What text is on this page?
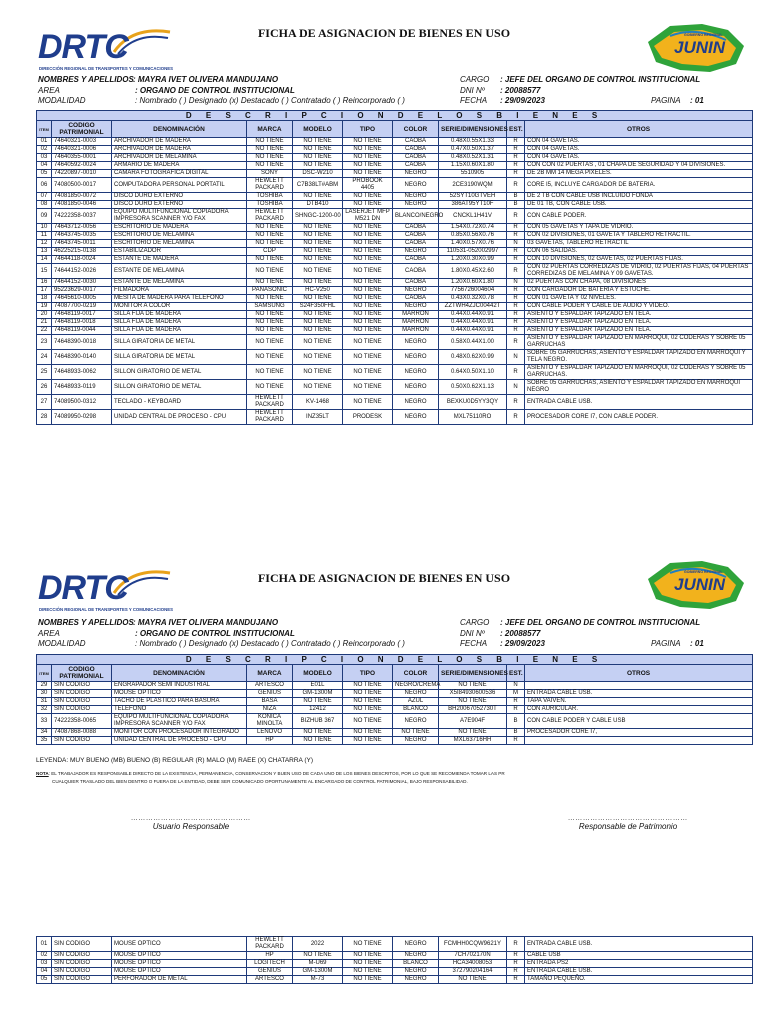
DRTC
DIRECCIÓN REGIONAL DE TRANSPORTES Y COMUNICACIONES
FICHA DE ASIGNACION DE BIENES EN USO	GOBIERNO REGIONAL
JUNIN
NOMBRES Y APELLIDOS : MAYRA IVET OLIVERA MANDUJANO
AREA	: ORGANO DE CONTROL INSTITUCIONAL
MODALIDAD	: Nombrado ( ) Designado (x) Destacado ( ) Contratado ( ) Reincorporado ( )
CARGO : JEFE DEL ORGANO DE CONTROL INSTITUCIONAL
DNI Nº : 20088577
FECHA : 29/09/2023	PAGINA : 01
D E S C R I P C I O N D E L O S B I E N E S									
ITEM	CODIGO PATRIMONIAL	DENOMINACIÓN	MARCA	MODELO	TIPO	COLOR	SERIE/DIMENSIONES	EST.	OTROS
01	74640321-0003	ARCHIVADOR DE MADERA	NO TIENE	NO TIENE	NO TIENE	CAOBA	0.48X0.55X1.33	R	CON 04 GAVETAS.
02	74640321-0006	ARCHIVADOR DE MADERA	NO TIENE	NO TIENE	NO TIENE	CAOBA	0.47X0.50X1.37	R	CON 04 GAVETAS.
03	74640355-0001	ARCHIVADOR DE MELAMINA	NO TIENE	NO TIENE	NO TIENE	CAOBA	0.48X0.52X1.31	R	CON 04 GAVETAS.
04	74640592-0024	ARMARIO DE MADERA	NO TIENE	NO TIENE	NO TIENE	CAOBA	1.15X0.60X1.80	R	CON CON 02 PUERTAS , 01 CHAPA DE SEGURIDAD Y 04 DIVISIONES.
05	74220897-0010	CAMARA FOTOGRAFICA DIGITAL	SONY	DSC-W210	NO TIENE	NEGRO	5510905	R	DE 2B MM 14 MEGA PIXELES.
06	74080500-0017	COMPUTADORA PERSONAL PORTATIL	HEWLETT PACKARD	C7B38LT#ABM	PROBOOK 4405	NEGRO	2CE3190WQM	R	CORE I5, INCLUYE CARGADOR DE BATERIA.
07	74081850-0072	DISCO DURO EXTERNO	TOSHIBA	NO TIENE	NO TIENE	NEGRO	52SYT10GTVEH	B	DE 2 TB CON CABLE USB INCLUIDO FONDA
08	74081850-0046	DISCO DURO EXTERNO	TOSHIBA	DTB410	NO TIENE	NEGRO	386AT95YT10F	B	DE 01 TB, CON CABLE USB.
09	74222358-0037	EQUIPO MULTIFUNCIONAL COPIADORA IMPRESORA SCANNER Y/O FAX	HEWLETT PACKARD	SHNGC-1200-00	LASERJET MFP M521 DN	BLANCO/NEGRO	CNCKL1H41V	R	CON CABLE PODER.
10	74643712-0056	ESCRITORIO DE MADERA	NO TIENE	NO TIENE	NO TIENE	CAOBA	1.54X0.72X0.74	R	CON 05 GAVETAS Y TAPA DE VIDRIO.
11	74643745-0035	ESCRITORIO DE MELAMINA	NO TIENE	NO TIENE	NO TIENE	CAOBA	0.85X0.56X0.76	R	CON 02 DIVISIONES, 01 GAVETA Y TABLERO RETRACTIL.
12	74643745-0011	ESCRITORIO DE MELAMINA	NO TIENE	NO TIENE	NO TIENE	CAOBA	1.40X0.57X0.76	N	03 GAVETAS, TABLERO RETRACTIL
13	46225215-0138	ESTABILIZADOR	CDP	NO TIENE	NO TIENE	NEGRO	110531-052002997	R	CON 06 SALIDAS.
14	74644118-0024	ESTANTE DE MADERA	NO TIENE	NO TIENE	NO TIENE	CAOBA	1.20X0.30X0.99	R	CON 10 DIVISIONES, 02 GAVETAS, 02 PUERTAS FIJAS.
15	74644152-0026	ESTANTE DE MELAMINA	NO TIENE	NO TIENE	NO TIENE	CAOBA	1.80X0.45X2.60	R	CON 02 PUERTAS CORREDIZAS DE VIDRIO, 02 PUERTAS FIJAS, 04 PUERTAS CORREDIZAS DE MELAMINA Y 09 GAVETAS.
16	74644152-0030	ESTANTE DE MELAMINA	NO TIENE	NO TIENE	NO TIENE	CAOBA	1.20X0.60X1.80	N	02 PUERTAS CON CHAPA, 08 DIVISIONES
17	95223629-0017	FILMADORA	PANASONIC	HC-V250	NO TIENE	NEGRO	7756726004604	R	CON CARGADOR DE BATERIA Y ESTUCHE.
18	74645610-0005	MESITA DE MADERA PARA TELEFONO	NO TIENE	NO TIENE	NO TIENE	CAOBA	0.43X0.32X0.78	R	CON 01 GAVETA Y 02 NIVELES.
19	74087700-0219	MONITOR A COLOR	SAMSUNG	S24F350FHL	NO TIENE	NEGRO	ZZTWH4ZJC00442T	R	CON CABLE PODER Y CABLE DE AUDIO Y VIDEO.
20	74648119-0017	SILLA FIJA DE MADERA	NO TIENE	NO TIENE	NO TIENE	MARRON	0.44X0.44X0.91	R	ASIENTO Y ESPALDAR TAPIZADO EN TELA.
21	74648119-0018	SILLA FIJA DE MADERA	NO TIENE	NO TIENE	NO TIENE	MARRON	0.44X0.44X0.91	R	ASIENTO Y ESPALDAR TAPIZADO EN TELA.
22	74648119-0044	SILLA FIJA DE MADERA	NO TIENE	NO TIENE	NO TIENE	MARRON	0.44X0.44X0.91	R	ASIENTO Y ESPALDAR TAPIZADO EN TELA.
23	74648390-0018	SILLA GIRATORIA DE METAL	NO TIENE	NO TIENE	NO TIENE	NEGRO	0.58X0.44X1.00	R	ASIENTO Y ESPALDAR TAPIZADO EN MARROQUI, 02 CODERAS Y SOBRE 05 GARRUCHAS
24	74648390-0140	SILLA GIRATORIA DE METAL	NO TIENE	NO TIENE	NO TIENE	NEGRO	0.48X0.62X0.99	N	SOBRE 05 GARRUCHAS, ASIENTO Y ESPALDAR TAPIZADO EN MARROQUI Y TELA NEGRO.
25	74648933-0062	SILLON GIRATORIO DE METAL	NO TIENE	NO TIENE	NO TIENE	NEGRO	0.64X0.50X1.10	R	ASIENTO Y ESPALDAR TAPIZADO EN MARROQUI, 02 CODERAS Y SOBRE 05 GARRUCHAS.
26	74648933-0119	SILLON GIRATORIO DE METAL	NO TIENE	NO TIENE	NO TIENE	NEGRO	0.50X0.62X1.13	N	SOBRE 05 GARRUCHAS, ASIENTO Y ESPALDAR TAPIZADO EN MARROQUI NEGRO
27	74089500-0312	TECLADO - KEYBOARD	HEWLETT PACKARD	KV-1468	NO TIENE	NEGRO	BEXKU0D5YY3QY	R	ENTRADA CABLE USB.
28	74089950-0298	UNIDAD CENTRAL DE PROCESO - CPU	HEWLETT PACKARD	INZ35LT	PRODESK	NEGRO	MXL75110RO	R	PROCESADOR CORE I7, CON CABLE PODER.
DRTC
DIRECCIÓN REGIONAL DE TRANSPORTES Y COMUNICACIONES
FICHA DE ASIGNACION DE BIENES EN USO	GOBIERNO REGIONAL
JUNIN
NOMBRES Y APELLIDOS : MAYRA IVET OLIVERA MANDUJANO
AREA	: ORGANO DE CONTROL INSTITUCIONAL
MODALIDAD	: Nombrado ( ) Designado (x) Destacado ( ) Contratado ( ) Reincorporado ( )
CARGO : JEFE DEL ORGANO DE CONTROL INSTITUCIONAL
DNI Nº : 20088577
FECHA : 29/09/2023	PAGINA : 01
D E S C R I P C I O N D E L O S B I E N E S									
ITEM	CODIGO PATRIMONIAL	DENOMINACIÓN	MARCA	MODELO	TIPO	COLOR	SERIE/DIMENSIONES	EST.	OTROS
29	SIN CODIGO	ENGRAPADOR SEMI INDUSTRIAL	ARTESCO	E01L	NO TIENE	NEGRO/CREMA	NO TIENE	N	
30	SIN CODIGO	MOUSE OPTICO	GENIUS	GM-1300M	NO TIENE	NEGRO	X5I84930600536	M	ENTRADA CABLE USB.
31	SIN CODIGO	TACHO DE PLASTICO PARA BASURA	BASA	NO TIENE	NO TIENE	AZUL	NO TIENE	R	TAPA VAIVEN.
32	SIN CODIGO	TELEFONO	NIZA	12412	NO TIENE	BLANCO	BH20067052730T	R	CON AURICULAR.
33	74222358-0065	EQUIPO MULTIFUNCIONAL COPIADORA IMPRESORA SCANNER Y/O FAX	KONICA MINOLTA	BIZHUB 367	NO TIENE	NEGRO	A7E904F	B	CON CABLE PODER Y CABLE USB
34	74087868-0088	MONITOR CON PROCESADOR INTEGRADO	LENOVO	NO TIENE	NO TIENE	NO TIENE	NO TIENE	B	PROCESADOR CORE I7,
35	SIN CODIGO	UNIDAD CENTRAL DE PROCESO - CPU	HP	NO TIENE	NO TIENE	NEGRO	MXL63716HH	R	
LEYENDA: MUY BUENO (MB) BUENO (B) REGULAR (R) MALO (M) RAEE (X) CHATARRA (Y)
NOTA: EL TRABAJADOR ES RESPONSABLE DIRECTO DE LA EXISTENCIA, PERMANENCIA, CONSERVACION Y BUEN USO DE CADA UNO DE LOS BIENES DESCRITOS, POR LO QUE SE RECOMIENDA TOMAR LAS PR
CUALQUIER TRASLADO DEL BIEN DENTRO O FUERA DE LA ENTIDAD, DEBE SER COMUNICADO OPORTUNAMENTE AL ENCARGADO DE CONTROL PATRIMONIAL, BAJO RESPONSABILIDAD.
…………………………………………
Usuario Responsable
…………………………………………
Responsable de Patrimonio
01	SIN CODIGO	MOUSE OPTICO	HEWLETT PACKARD	2022	NO TIENE	NEGRO	FCMHH0CQW9621Y	R	ENTRADA CABLE USB.
02	SIN CODIGO	MOUSE OPTICO	HP	NO TIENE	NO TIENE	NEGRO	7CH702170N	R	CABLE USB
03	SIN CODIGO	MOUSE OPTICO	LOGITECH	M-U69	NO TIENE	BLANCO	HCA34008053	R	ENTRADA PS2
04	SIN CODIGO	MOUSE OPTICO	GENIUS	GM-1300M	NO TIENE	NEGRO	372790204164	R	ENTRADA CABLE USB.
05	SIN CODIGO	PERFORADOR DE METAL	ARTESCO	M-73	NO TIENE	NEGRO	NO TIENE	R	TAMAÑO PEQUEÑO.
